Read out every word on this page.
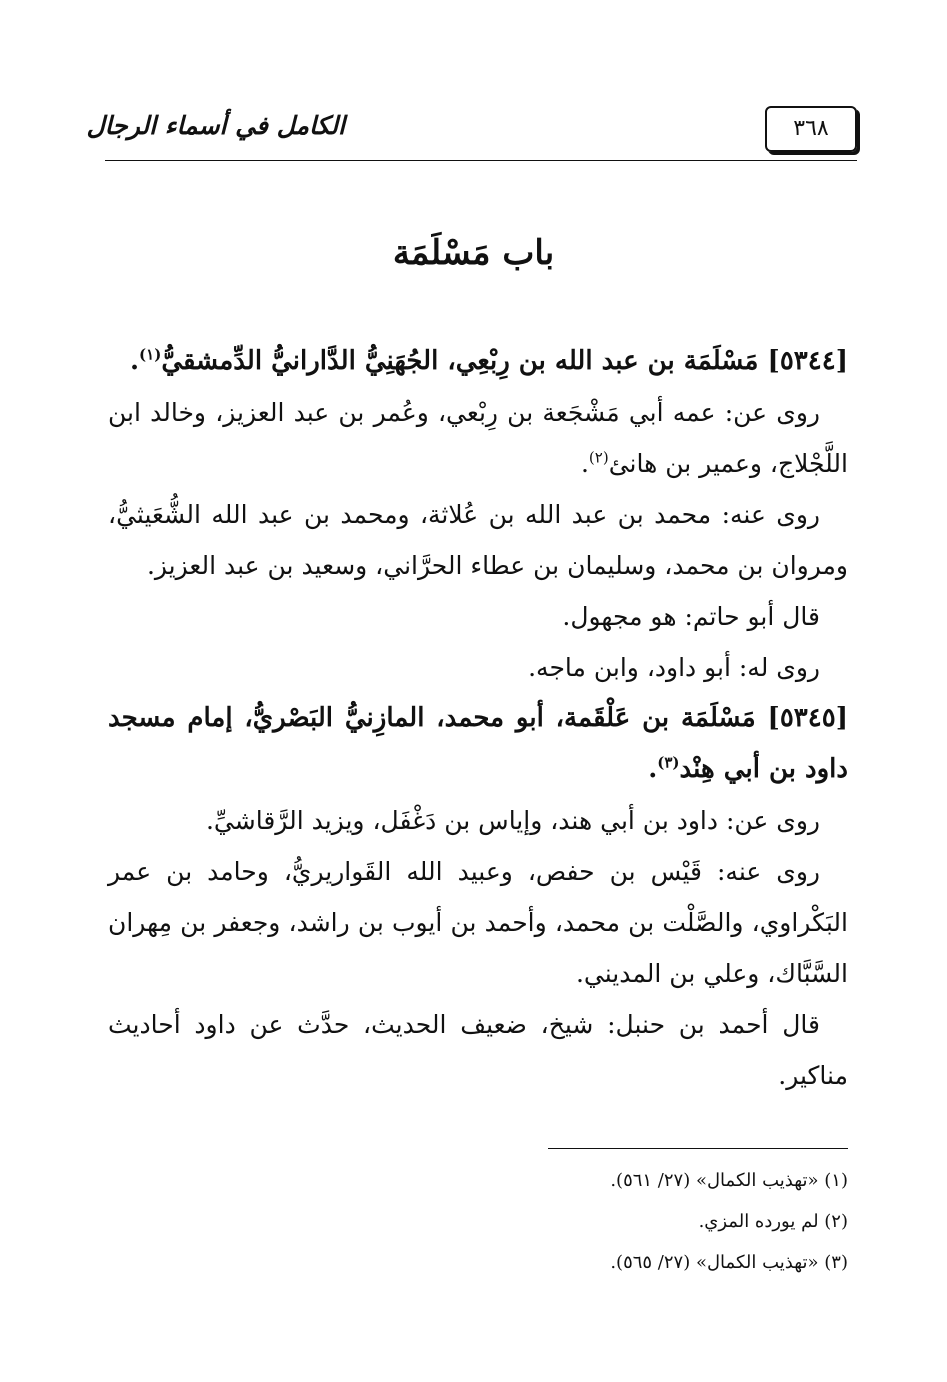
الكامل في أسماء الرجال	٣٦٨
باب مَسْلَمَة

[٥٣٤٤] مَسْلَمَة بن عبد الله بن رِبْعِي، الجُهَنِيُّ الدَّارانيُّ الدِّمشقيُّ$^{(١)}$.

روى عن: عمه أبي مَشْجَعة بن رِبْعي، وعُمر بن عبد العزيز، وخالد ابن اللَّجْلاج، وعمير بن هانئ$^{(٢)}$.

روى عنه: محمد بن عبد الله بن عُلاثة، ومحمد بن عبد الله الشُّعَيثيُّ، ومروان بن محمد، وسليمان بن عطاء الحرَّاني، وسعيد بن عبد العزيز.

قال أبو حاتم: هو مجهول.

روى له: أبو داود، وابن ماجه.

[٥٣٤٥] مَسْلَمَة بن عَلْقَمة، أبو محمد، المازِنيُّ البَصْريُّ، إمام مسجد داود بن أبي هِنْد$^{(٣)}$.

روى عن: داود بن أبي هند، وإياس بن دَغْفَل، ويزيد الرَّقاشيِّ.

روى عنه: قَيْس بن حفص، وعبيد الله القَواريريُّ، وحامد بن عمر البَكْراوي، والصَّلْت بن محمد، وأحمد بن أيوب بن راشد، وجعفر بن مِهران السَّبَّاك، وعلي بن المديني.

قال أحمد بن حنبل: شيخ، ضعيف الحديث، حدَّث عن داود أحاديث مناكير.

(١) «تهذيب الكمال» (٢٧/ ٥٦١).

(٢) لم يورده المزي.

(٣) «تهذيب الكمال» (٢٧/ ٥٦٥).
